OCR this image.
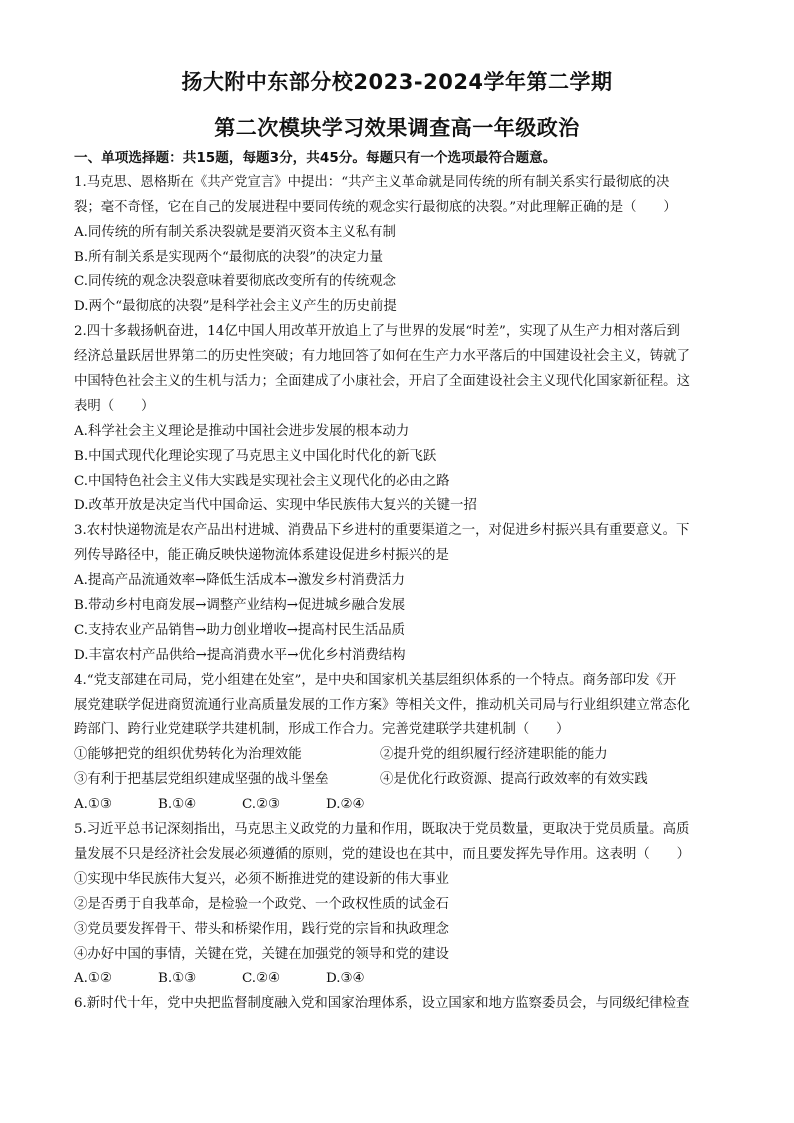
扬大附中东部分校2023-2024学年第二学期
第二次模块学习效果调查高一年级政治
一、单项选择题：共15题，每题3分，共45分。每题只有一个选项最符合题意。
1.马克思、恩格斯在《共产党宣言》中提出：“共产主义革命就是同传统的所有制关系实行最彻底的决
裂；毫不奇怪，它在自己的发展进程中要同传统的观念实行最彻底的决裂。”对此理解正确的是（　　）
A.同传统的所有制关系决裂就是要消灭资本主义私有制
B.所有制关系是实现两个“最彻底的决裂”的决定力量
C.同传统的观念决裂意味着要彻底改变所有的传统观念
D.两个“最彻底的决裂”是科学社会主义产生的历史前提
2.四十多载扬帆奋进，14亿中国人用改革开放追上了与世界的发展“时差”，实现了从生产力相对落后到
经济总量跃居世界第二的历史性突破；有力地回答了如何在生产力水平落后的中国建设社会主义，铸就了
中国特色社会主义的生机与活力；全面建成了小康社会，开启了全面建设社会主义现代化国家新征程。这
表明（　　）
A.科学社会主义理论是推动中国社会进步发展的根本动力
B.中国式现代化理论实现了马克思主义中国化时代化的新飞跃
C.中国特色社会主义伟大实践是实现社会主义现代化的必由之路
D.改革开放是决定当代中国命运、实现中华民族伟大复兴的关键一招
3.农村快递物流是农产品出村进城、消费品下乡进村的重要渠道之一，对促进乡村振兴具有重要意义。下
列传导路径中，能正确反映快递物流体系建设促进乡村振兴的是
A.提高产品流通效率→降低生活成本→激发乡村消费活力
B.带动乡村电商发展→调整产业结构→促进城乡融合发展
C.支持农业产品销售→助力创业增收→提高村民生活品质
D.丰富农村产品供给→提高消费水平→优化乡村消费结构
4.“党支部建在司局，党小组建在处室”，是中央和国家机关基层组织体系的一个特点。商务部印发《开
展党建联学促进商贸流通行业高质量发展的工作方案》等相关文件，推动机关司局与行业组织建立常态化
跨部门、跨行业党建联学共建机制，形成工作合力。完善党建联学共建机制（　　）
①能够把党的组织优势转化为治理效能	②提升党的组织履行经济建职能的能力
③有利于把基层党组织建成坚强的战斗堡垒	④是优化行政资源、提高行政效率的有效实践
A.①③	B.①④	C.②③	D.②④
5.习近平总书记深刻指出，马克思主义政党的力量和作用，既取决于党员数量，更取决于党员质量。高质
量发展不只是经济社会发展必须遵循的原则，党的建设也在其中，而且要发挥先导作用。这表明（　　）
①实现中华民族伟大复兴，必须不断推进党的建设新的伟大事业
②是否勇于自我革命，是检验一个政党、一个政权性质的试金石
③党员要发挥骨干、带头和桥梁作用，践行党的宗旨和执政理念
④办好中国的事情，关键在党，关键在加强党的领导和党的建设
A.①②	B.①③	C.②④	D.③④
6.新时代十年，党中央把监督制度融入党和国家治理体系，设立国家和地方监察委员会，与同级纪律检查
